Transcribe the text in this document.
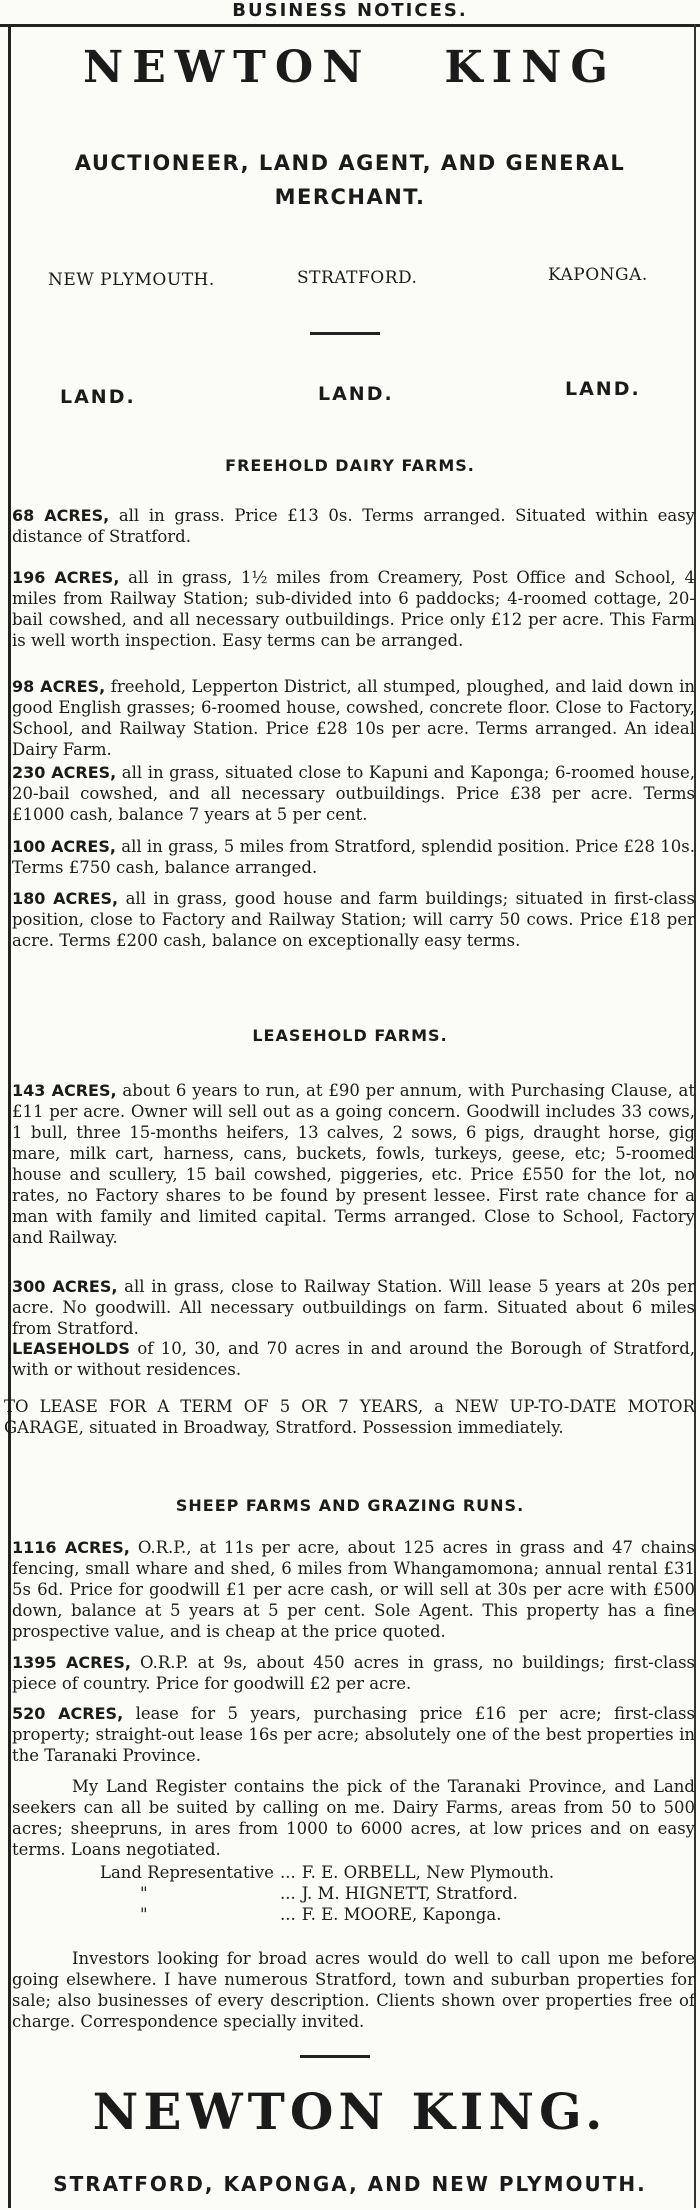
BUSINESS NOTICES.
NEWTON   KING
AUCTIONEER, LAND AGENT, AND GENERAL
MERCHANT.
NEW PLYMOUTH.	STRATFORD.	KAPONGA.
LAND.	LAND.	LAND.
FREEHOLD DAIRY FARMS.
68 ACRES, all in grass. Price £13 0s. Terms arranged. Situated within easy distance of Stratford.
196 ACRES, all in grass, 1½ miles from Creamery, Post Office and School, 4 miles from Railway Station; sub-divided into 6 paddocks; 4-roomed cottage, 20-bail cowshed, and all necessary outbuildings. Price only £12 per acre. This Farm is well worth inspection. Easy terms can be arranged.
98 ACRES, freehold, Lepperton District, all stumped, ploughed, and laid down in good English grasses; 6-roomed house, cowshed, concrete floor. Close to Factory, School, and Railway Station. Price £28 10s per acre. Terms arranged. An ideal Dairy Farm.
230 ACRES, all in grass, situated close to Kapuni and Kaponga; 6-roomed house, 20-bail cowshed, and all necessary outbuildings. Price £38 per acre. Terms £1000 cash, balance 7 years at 5 per cent.
100 ACRES, all in grass, 5 miles from Stratford, splendid position. Price £28 10s. Terms £750 cash, balance arranged.
180 ACRES, all in grass, good house and farm buildings; situated in first-class position, close to Factory and Railway Station; will carry 50 cows. Price £18 per acre. Terms £200 cash, balance on exceptionally easy terms.
LEASEHOLD FARMS.
143 ACRES, about 6 years to run, at £90 per annum, with Purchasing Clause, at £11 per acre. Owner will sell out as a going concern. Goodwill includes 33 cows, 1 bull, three 15-months heifers, 13 calves, 2 sows, 6 pigs, draught horse, gig mare, milk cart, harness, cans, buckets, fowls, turkeys, geese, etc; 5-roomed house and scullery, 15 bail cowshed, piggeries, etc. Price £550 for the lot, no rates, no Factory shares to be found by present lessee. First rate chance for a man with family and limited capital. Terms arranged. Close to School, Factory and Railway.
300 ACRES, all in grass, close to Railway Station. Will lease 5 years at 20s per acre. No goodwill. All necessary outbuildings on farm. Situated about 6 miles from Stratford.
LEASEHOLDS of 10, 30, and 70 acres in and around the Borough of Stratford, with or without residences.
TO LEASE FOR A TERM OF 5 OR 7 YEARS, a NEW UP-TO-DATE MOTOR GARAGE, situated in Broadway, Stratford. Possession immediately.
SHEEP FARMS AND GRAZING RUNS.
1116 ACRES, O.R.P., at 11s per acre, about 125 acres in grass and 47 chains fencing, small whare and shed, 6 miles from Whangamomona; annual rental £31 5s 6d. Price for goodwill £1 per acre cash, or will sell at 30s per acre with £500 down, balance at 5 years at 5 per cent. Sole Agent. This property has a fine prospective value, and is cheap at the price quoted.
1395 ACRES, O.R.P. at 9s, about 450 acres in grass, no buildings; first-class piece of country. Price for goodwill £2 per acre.
520 ACRES, lease for 5 years, purchasing price £16 per acre; first-class property; straight-out lease 16s per acre; absolutely one of the best properties in the Taranaki Province.
My Land Register contains the pick of the Taranaki Province, and Land seekers can all be suited by calling on me. Dairy Farms, areas from 50 to 500 acres; sheepruns, in ares from 1000 to 6000 acres, at low prices and on easy terms. Loans negotiated.
Land Representative	...	F. E. ORBELL, New Plymouth.
"	...	J. M. HIGNETT, Stratford.
"	...	F. E. MOORE, Kaponga.
Investors looking for broad acres would do well to call upon me before going elsewhere. I have numerous Stratford, town and suburban properties for sale; also businesses of every description. Clients shown over properties free of charge. Correspondence specially invited.
NEWTON KING.
STRATFORD, KAPONGA, AND NEW PLYMOUTH.
